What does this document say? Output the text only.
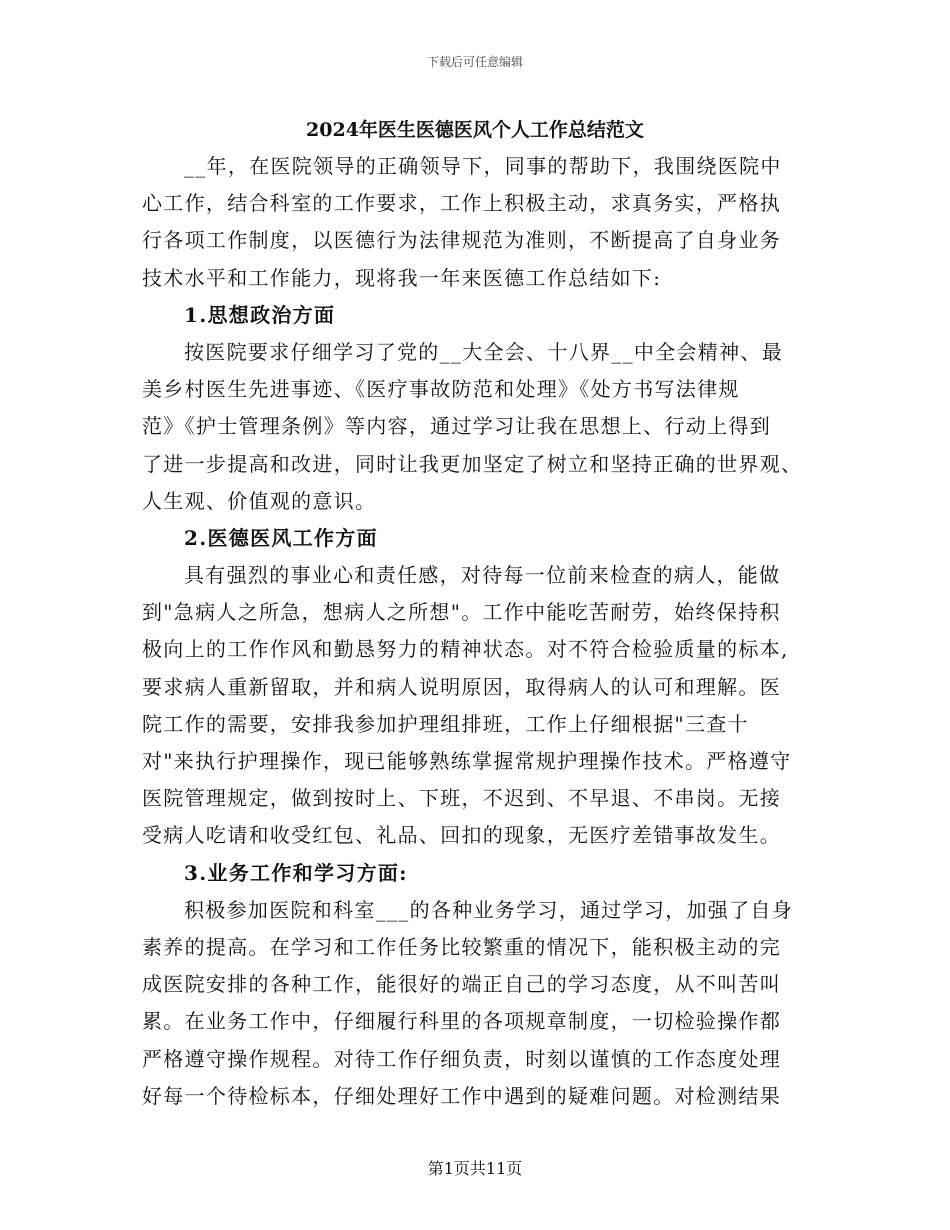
下载后可任意编辑
2024年医生医德医风个人工作总结范文
__年，在医院领导的正确领导下，同事的帮助下，我围绕医院中
心工作，结合科室的工作要求，工作上积极主动，求真务实，严格执
行各项工作制度，以医德行为法律规范为准则，不断提高了自身业务
技术水平和工作能力，现将我一年来医德工作总结如下:
1.思想政治方面
按医院要求仔细学习了党的__大全会、十八界__中全会精神、最
美乡村医生先进事迹、《医疗事故防范和处理》《处方书写法律规
范》《护士管理条例》等内容，通过学习让我在思想上、行动上得到
了进一步提高和改进，同时让我更加坚定了树立和坚持正确的世界观、
人生观、价值观的意识。
2.医德医风工作方面
具有强烈的事业心和责任感，对待每一位前来检查的病人，能做
到"急病人之所急，想病人之所想"。工作中能吃苦耐劳，始终保持积
极向上的工作作风和勤恳努力的精神状态。对不符合检验质量的标本,
要求病人重新留取，并和病人说明原因，取得病人的认可和理解。医
院工作的需要，安排我参加护理组排班，工作上仔细根据"三查十
对"来执行护理操作，现已能够熟练掌握常规护理操作技术。严格遵守
医院管理规定，做到按时上、下班，不迟到、不早退、不串岗。无接
受病人吃请和收受红包、礼品、回扣的现象，无医疗差错事故发生。
3.业务工作和学习方面:
积极参加医院和科室___的各种业务学习，通过学习，加强了自身
素养的提高。在学习和工作任务比较繁重的情况下，能积极主动的完
成医院安排的各种工作，能很好的端正自己的学习态度，从不叫苦叫
累。在业务工作中，仔细履行科里的各项规章制度，一切检验操作都
严格遵守操作规程。对待工作仔细负责，时刻以谨慎的工作态度处理
好每一个待检标本，仔细处理好工作中遇到的疑难问题。对检测结果
第1页共11页
